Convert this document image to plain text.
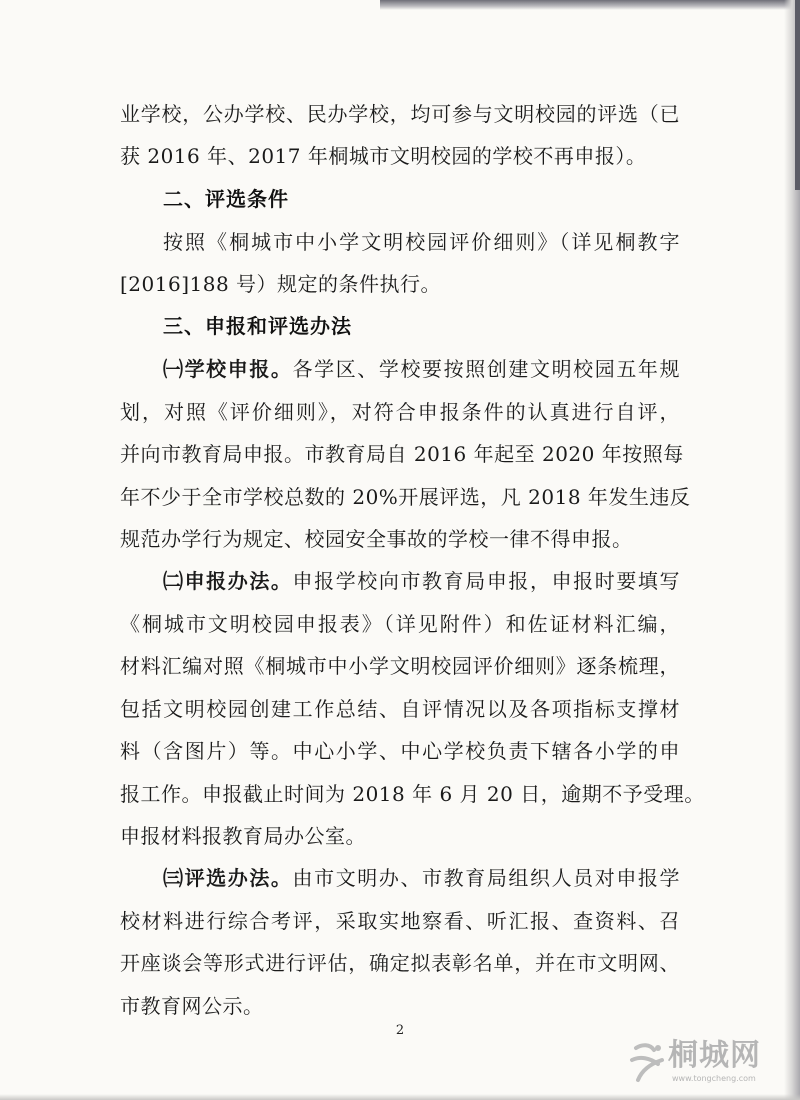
业学校，公办学校、民办学校，均可参与文明校园的评选（已
获 2016 年、2017 年桐城市文明校园的学校不再申报）。
二、评选条件
按照《桐城市中小学文明校园评价细则》（详见桐教字
[2016]188 号）规定的条件执行。
三、申报和评选办法
㈠学校申报。各学区、学校要按照创建文明校园五年规
划，对照《评价细则》，对符合申报条件的认真进行自评，
并向市教育局申报。市教育局自 2016 年起至 2020 年按照每
年不少于全市学校总数的 20%开展评选，凡 2018 年发生违反
规范办学行为规定、校园安全事故的学校一律不得申报。
㈡申报办法。申报学校向市教育局申报，申报时要填写
《桐城市文明校园申报表》（详见附件）和佐证材料汇编，
材料汇编对照《桐城市中小学文明校园评价细则》逐条梳理，
包括文明校园创建工作总结、自评情况以及各项指标支撑材
料（含图片）等。中心小学、中心学校负责下辖各小学的申
报工作。申报截止时间为 2018 年 6 月 20 日，逾期不予受理。
申报材料报教育局办公室。
㈢评选办法。由市文明办、市教育局组织人员对申报学
校材料进行综合考评，采取实地察看、听汇报、查资料、召
开座谈会等形式进行评估，确定拟表彰名单，并在市文明网、
市教育网公示。
2
桐城网
www.tongcheng.com
